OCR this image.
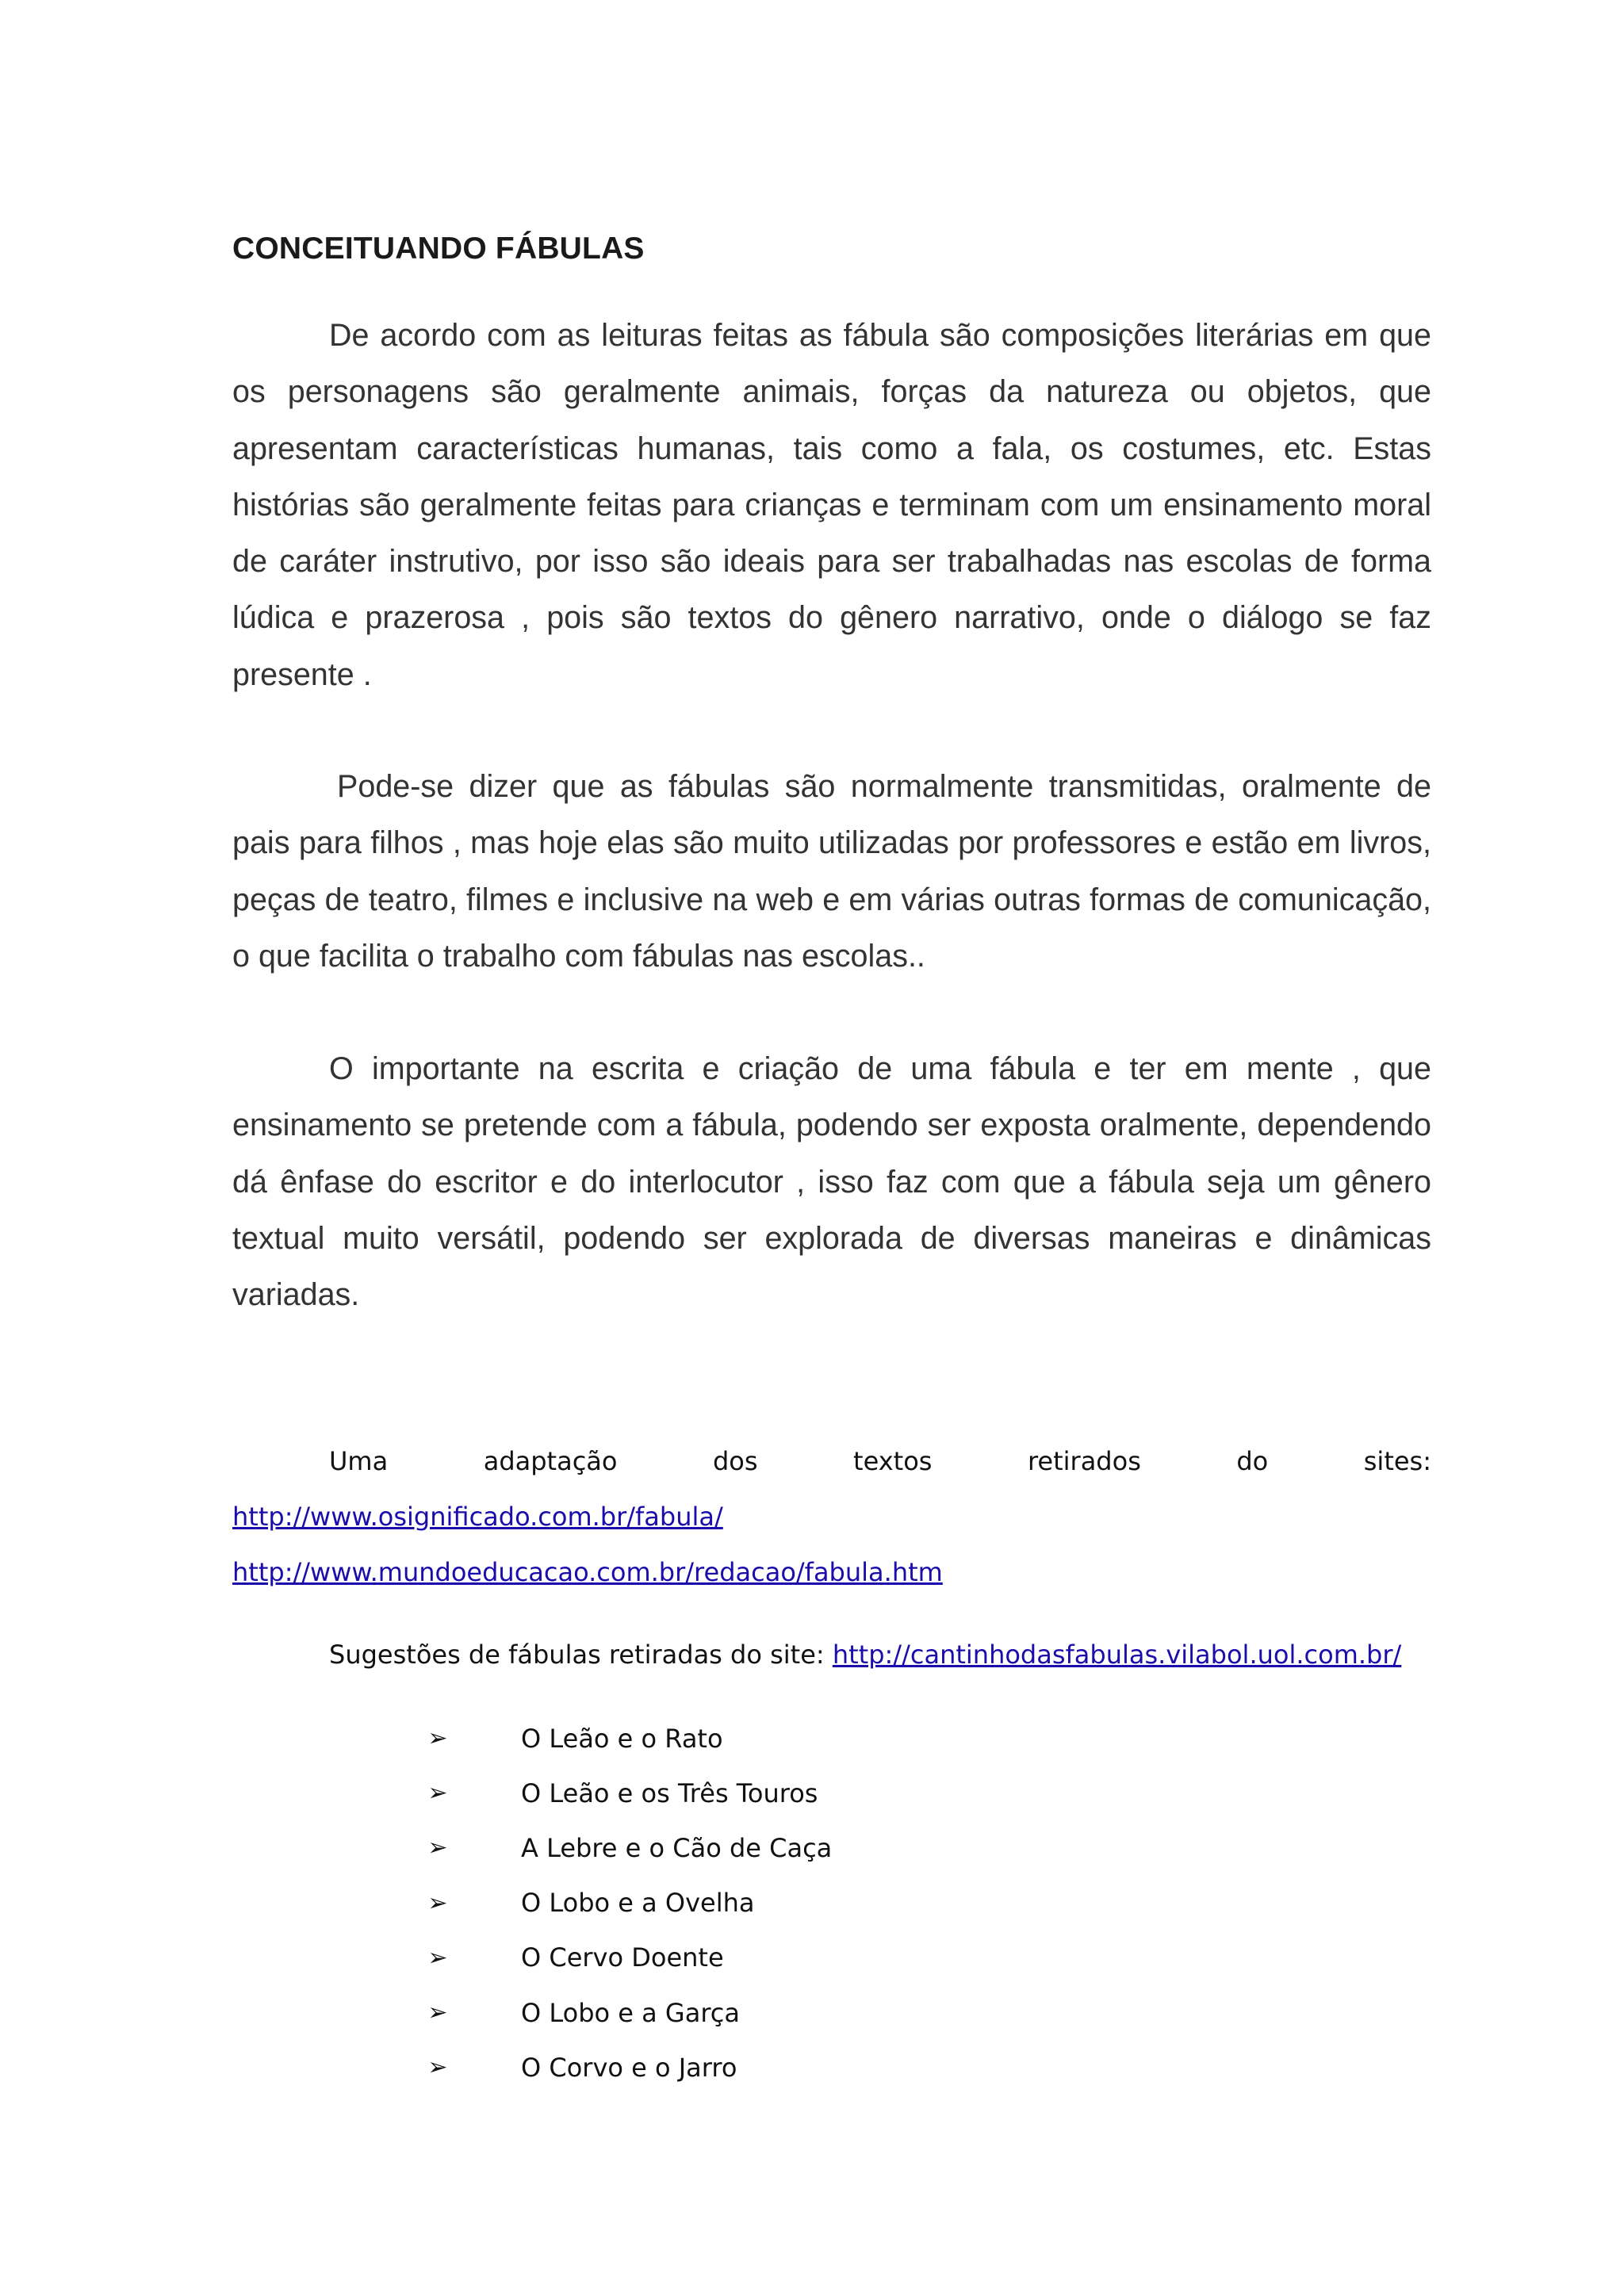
CONCEITUANDO FÁBULAS

De acordo com as leituras feitas as fábula são composições literárias em que os personagens são geralmente animais, forças da natureza ou objetos, que apresentam características humanas, tais como a fala, os costumes, etc. Estas histórias são geralmente feitas para crianças e terminam com um ensinamento moral de caráter instrutivo, por isso são ideais para ser trabalhadas nas escolas de forma lúdica e prazerosa , pois são textos do gênero narrativo, onde o diálogo se faz presente .

Pode-se dizer que as fábulas são normalmente transmitidas, oralmente de pais para filhos , mas hoje elas são muito utilizadas por professores e estão em livros, peças de teatro, filmes e inclusive na web e em várias outras formas de comunicação, o que facilita o trabalho com fábulas nas escolas..

O importante na escrita e criação de uma fábula e ter em mente , que ensinamento se pretende com a fábula, podendo ser exposta oralmente, dependendo dá ênfase do escritor e do interlocutor , isso faz com que a fábula seja um gênero textual muito versátil, podendo ser explorada de diversas maneiras e dinâmicas variadas.

Uma adaptação dos textos retirados do sites: http://www.osignificado.com.br/fabula/ http://www.mundoeducacao.com.br/redacao/fabula.htm

Sugestões de fábulas retiradas do site: http://cantinhodasfabulas.vilabol.uol.com.br/

➢	O Leão e o Rato
➢	O Leão e os Três Touros
➢	A Lebre e o Cão de Caça
➢	O Lobo e a Ovelha
➢	O Cervo Doente
➢	O Lobo e a Garça
➢	O Corvo e o Jarro
